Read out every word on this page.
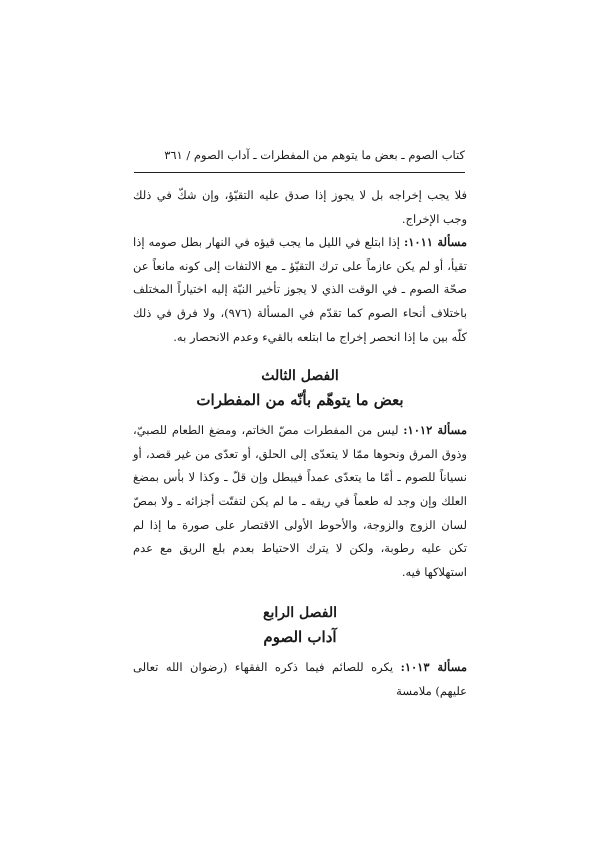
كتاب الصوم ـ بعض ما يتوهم من المفطرات ـ آداب الصوم / ٣٦١

فلا يجب إخراجه بل لا يجوز إذا صدق عليه التقيّؤ، وإن شكّ في ذلك وجب الإخراج.

مسألة ١٠١١: إذا ابتلع في الليل ما يجب قيؤه في النهار بطل صومه إذا تقيأ، أو لم يكن عازماً على ترك التقيّؤ ـ مع الالتفات إلى كونه مانعاً عن صحّة الصوم ـ في الوقت الذي لا يجوز تأخير النيّة إليه اختياراً المختلف باختلاف أنحاء الصوم كما تقدّم في المسألة (٩٧٦)، ولا فرق في ذلك كلّه بين ما إذا انحصر إخراج ما ابتلعه بالقيء وعدم الانحصار به.

الفصل الثالث

بعض ما يتوهّم بأنّه من المفطرات

مسألة ١٠١٢: ليس من المفطرات مصّ الخاتم، ومضغ الطعام للصبيّ، وذوق المرق ونحوها ممّا لا يتعدّى إلى الحلق، أو تعدّى من غير قصد، أو نسياناً للصوم ـ أمّا ما يتعدّى عمداً فيبطل وإن قلّ ـ وكذا لا بأس بمضغ العلك وإن وجد له طعماً في ريقه ـ ما لم يكن لتفتّت أجزائه ـ ولا بمصّ لسان الزوج والزوجة، والأحوط الأولى الاقتصار على صورة ما إذا لم تكن عليه رطوبة، ولكن لا يترك الاحتياط بعدم بلع الريق مع عدم استهلاكها فيه.

الفصل الرابع

آداب الصوم

مسألة ١٠١٣: يكره للصائم فيما ذكره الفقهاء (رضوان الله تعالى عليهم) ملامسة
